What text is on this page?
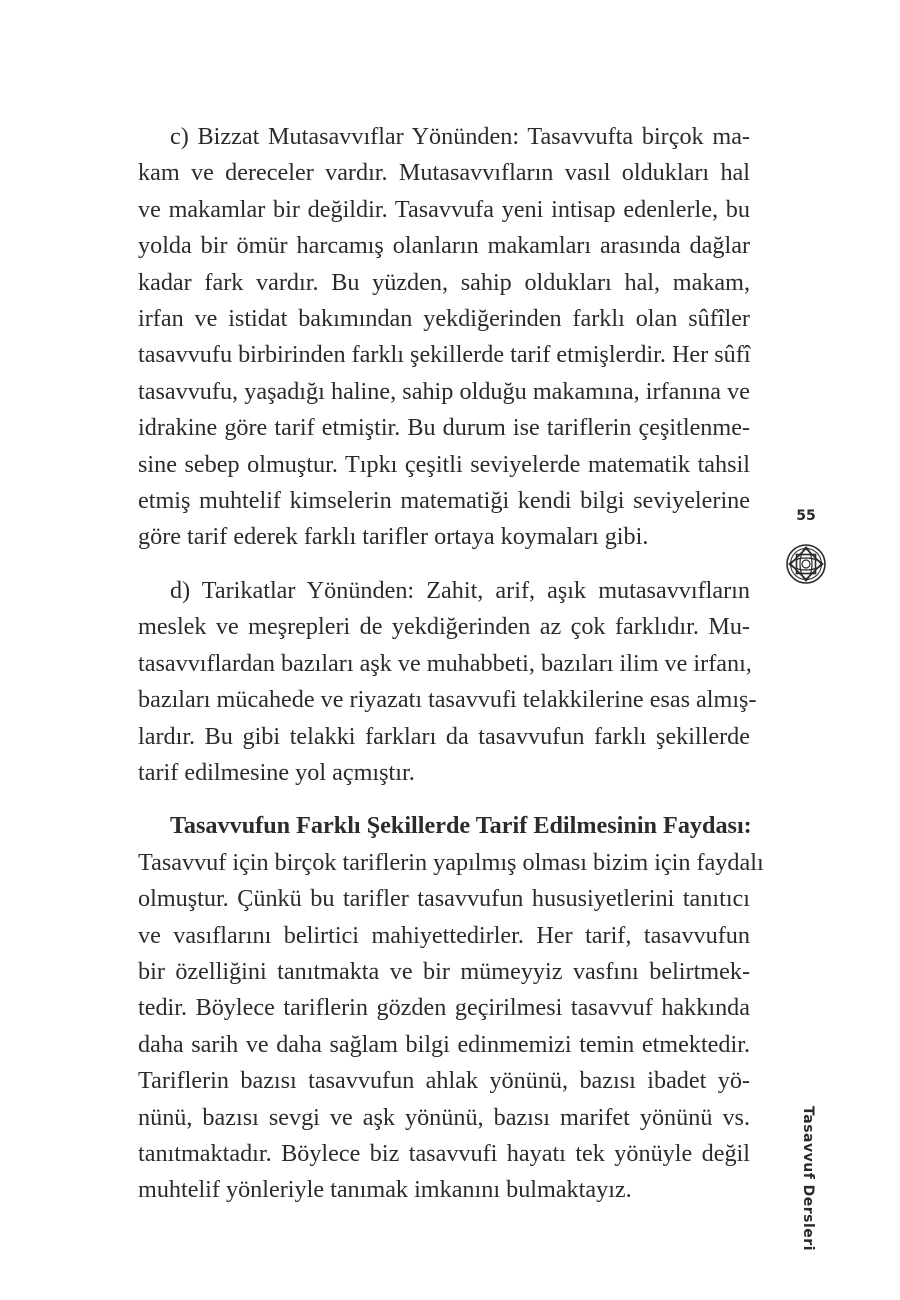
c) Bizzat Mutasavvıflar Yönünden: Tasavvufta birçok ma-
kam ve dereceler vardır. Mutasavvıfların vasıl oldukları hal
ve makamlar bir değildir. Tasavvufa yeni intisap edenlerle, bu
yolda bir ömür harcamış olanların makamları arasında dağlar
kadar fark vardır. Bu yüzden, sahip oldukları hal, makam,
irfan ve istidat bakımından yekdiğerinden farklı olan sûfîler
tasavvufu birbirinden farklı şekillerde tarif etmişlerdir. Her sûfî
tasavvufu, yaşadığı haline, sahip olduğu makamına, irfanına ve
idrakine göre tarif etmiştir. Bu durum ise tariflerin çeşitlenme-
sine sebep olmuştur. Tıpkı çeşitli seviyelerde matematik tahsil
etmiş muhtelif kimselerin matematiği kendi bilgi seviyelerine
göre tarif ederek farklı tarifler ortaya koymaları gibi.

d) Tarikatlar Yönünden: Zahit, arif, aşık mutasavvıfların
meslek ve meşrepleri de yekdiğerinden az çok farklıdır. Mu-
tasavvıflardan bazıları aşk ve muhabbeti, bazıları ilim ve irfanı,
bazıları mücahede ve riyazatı tasavvufi telakkilerine esas almış-
lardır. Bu gibi telakki farkları da tasavvufun farklı şekillerde
tarif edilmesine yol açmıştır.

Tasavvufun Farklı Şekillerde Tarif Edilmesinin Faydası:
Tasavvuf için birçok tariflerin yapılmış olması bizim için faydalı
olmuştur. Çünkü bu tarifler tasavvufun hususiyetlerini tanıtıcı
ve vasıflarını belirtici mahiyettedirler. Her tarif, tasavvufun
bir özelliğini tanıtmakta ve bir mümeyyiz vasfını belirtmek-
tedir. Böylece tariflerin gözden geçirilmesi tasavvuf hakkında
daha sarih ve daha sağlam bilgi edinmemizi temin etmektedir.
Tariflerin bazısı tasavvufun ahlak yönünü, bazısı ibadet yö-
nünü, bazısı sevgi ve aşk yönünü, bazısı marifet yönünü vs.
tanıtmaktadır. Böylece biz tasavvufi hayatı tek yönüyle değil
muhtelif yönleriyle tanımak imkanını bulmaktayız.

55
Tasavvuf Dersleri
